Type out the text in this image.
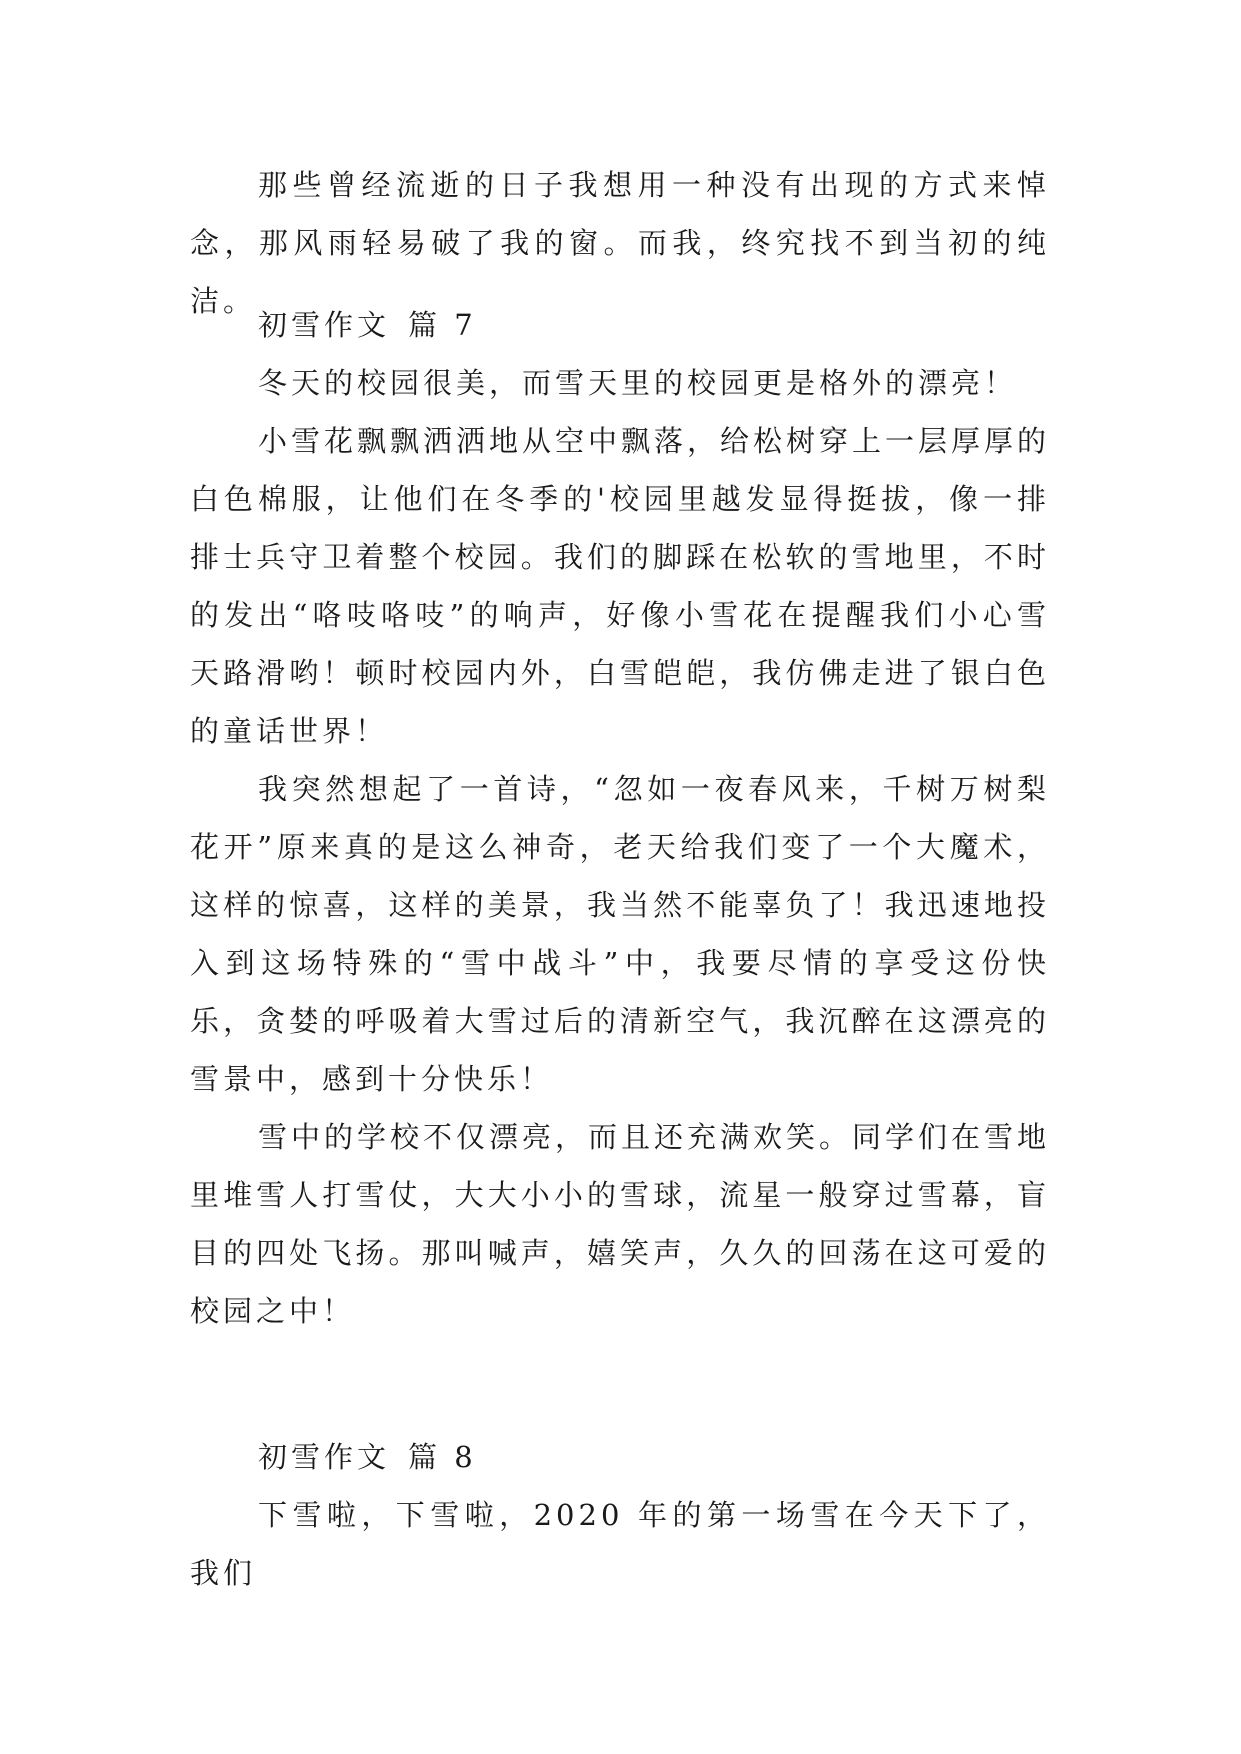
那些曾经流逝的日子我想用一种没有出现的方式来悼念，那风雨轻易破了我的窗。而我，终究找不到当初的纯洁。

初雪作文 篇 7

冬天的校园很美，而雪天里的校园更是格外的漂亮！

小雪花飘飘洒洒地从空中飘落，给松树穿上一层厚厚的白色棉服，让他们在冬季的'校园里越发显得挺拔，像一排排士兵守卫着整个校园。我们的脚踩在松软的雪地里，不时的发出“咯吱咯吱”的响声，好像小雪花在提醒我们小心雪天路滑哟！顿时校园内外，白雪皑皑，我仿佛走进了银白色的童话世界！

我突然想起了一首诗，“忽如一夜春风来，千树万树梨花开”原来真的是这么神奇，老天给我们变了一个大魔术，这样的惊喜，这样的美景，我当然不能辜负了！我迅速地投入到这场特殊的“雪中战斗”中，我要尽情的享受这份快乐，贪婪的呼吸着大雪过后的清新空气，我沉醉在这漂亮的雪景中，感到十分快乐！

雪中的学校不仅漂亮，而且还充满欢笑。同学们在雪地里堆雪人打雪仗，大大小小的雪球，流星一般穿过雪幕，盲目的四处飞扬。那叫喊声，嬉笑声，久久的回荡在这可爱的校园之中！

初雪作文 篇 8

下雪啦，下雪啦，2020 年的第一场雪在今天下了，我们
